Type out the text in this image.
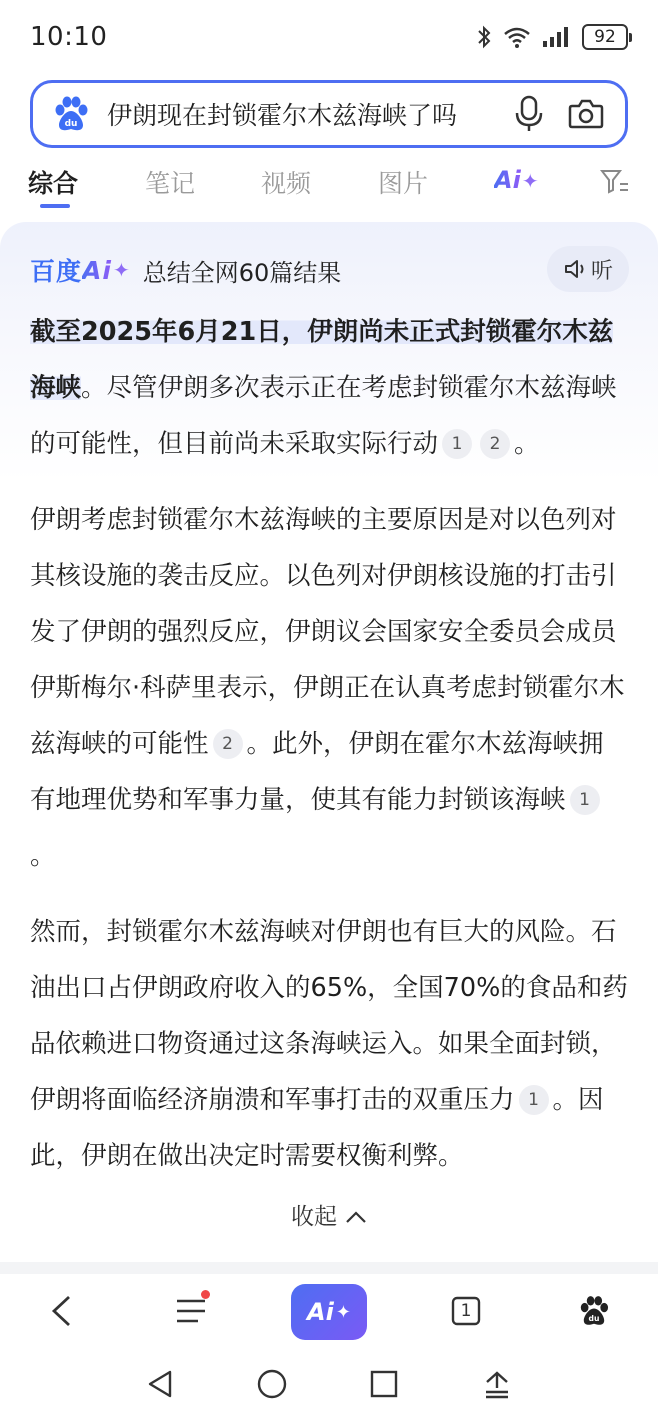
10:10	92
du 伊朗现在封锁霍尔木兹海峡了吗
综合	笔记	视频	图片	Ai✦
百度 Ai ✦ 总结全网60篇结果	听

截至2025年6月21日，伊朗尚未正式封锁霍尔木兹海峡。尽管伊朗多次表示正在考虑封锁霍尔木兹海峡的可能性，但目前尚未采取实际行动 1 2 。

伊朗考虑封锁霍尔木兹海峡的主要原因是对以色列对其核设施的袭击反应。以色列对伊朗核设施的打击引发了伊朗的强烈反应，伊朗议会国家安全委员会成员伊斯梅尔·科萨里表示，伊朗正在认真考虑封锁霍尔木兹海峡的可能性 2 。此外，伊朗在霍尔木兹海峡拥有地理优势和军事力量，使其有能力封锁该海峡 1。

然而，封锁霍尔木兹海峡对伊朗也有巨大的风险。石油出口占伊朗政府收入的65%，全国70%的食品和药品依赖进口物资通过这条海峡运入。如果全面封锁，伊朗将面临经济崩溃和军事打击的双重压力 1 。因此，伊朗在做出决定时需要权衡利弊。

收起
Ai ✦	1	du
